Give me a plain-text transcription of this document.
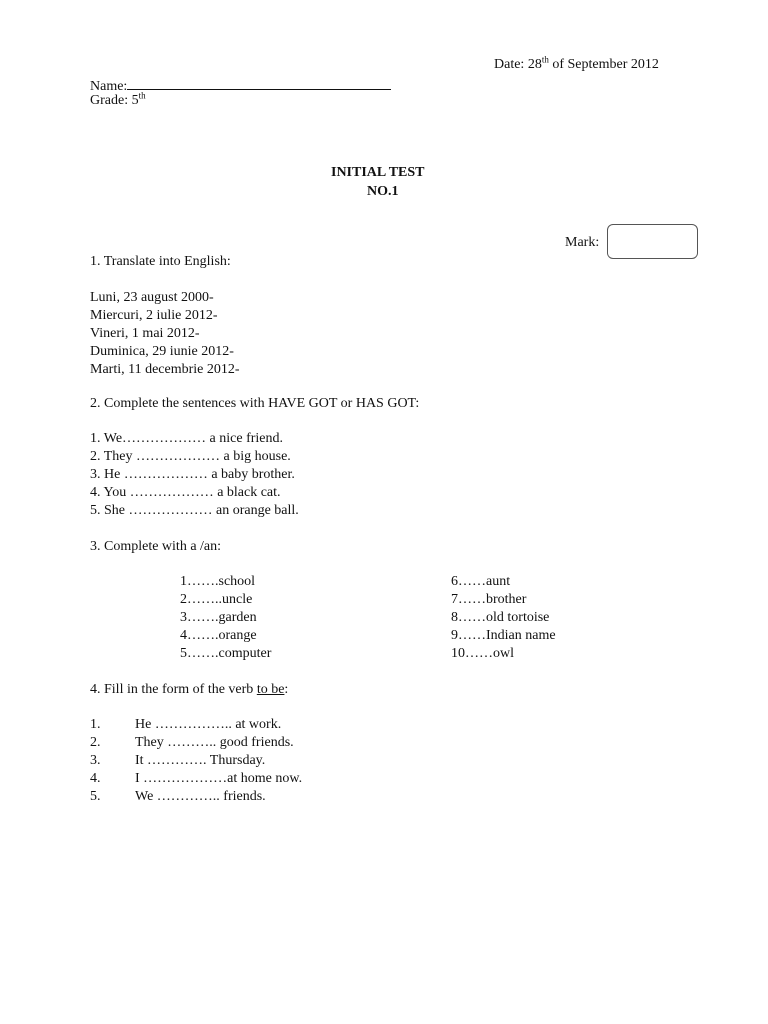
Date: 28th of September 2012
Name:
Grade: 5th
INITIAL TEST
NO.1
Mark:
1. Translate into English:
Luni, 23 august 2000-
Miercuri, 2 iulie 2012-
Vineri, 1 mai 2012-
Duminica, 29 iunie 2012-
Marti, 11 decembrie 2012-
2. Complete the sentences with HAVE GOT or HAS GOT:
1. We……………… a nice friend.
2. They ……………… a big house.
3. He ……………… a baby brother.
4. You ……………… a black cat.
5. She ……………… an orange ball.
3. Complete with a /an:
1…….school
2……..uncle
3…….garden
4…….orange
5…….computer
6……aunt
7……brother
8……old tortoise
9……Indian name
10……owl
4. Fill in the form of the verb to be:
1. He …………….. at work.
2. They ……….. good friends.
3. It …………. Thursday.
4. I ………………at home now.
5. We ………….. friends.
